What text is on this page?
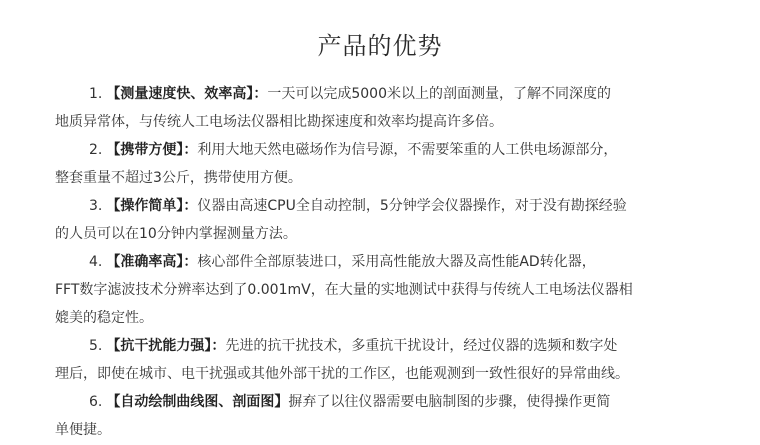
产品的优势
1. 【测量速度快、效率高】：一天可以完成5000米以上的剖面测量，了解不同深度的
地质异常体，与传统人工电场法仪器相比勘探速度和效率均提高许多倍。
2. 【携带方便】：利用大地天然电磁场作为信号源，不需要笨重的人工供电场源部分，
整套重量不超过3公斤，携带使用方便。
3. 【操作简单】：仪器由高速CPU全自动控制，5分钟学会仪器操作，对于没有勘探经验
的人员可以在10分钟内掌握测量方法。
4. 【准确率高】：核心部件全部原装进口，采用高性能放大器及高性能AD转化器，
FFT数字滤波技术分辨率达到了0.001mV，在大量的实地测试中获得与传统人工电场法仪器相
媲美的稳定性。
5. 【抗干扰能力强】：先进的抗干扰技术，多重抗干扰设计，经过仪器的选频和数字处
理后，即使在城市、电干扰强或其他外部干扰的工作区，也能观测到一致性很好的异常曲线。
6. 【自动绘制曲线图、剖面图】摒弃了以往仪器需要电脑制图的步骤，使得操作更简
单便捷。
